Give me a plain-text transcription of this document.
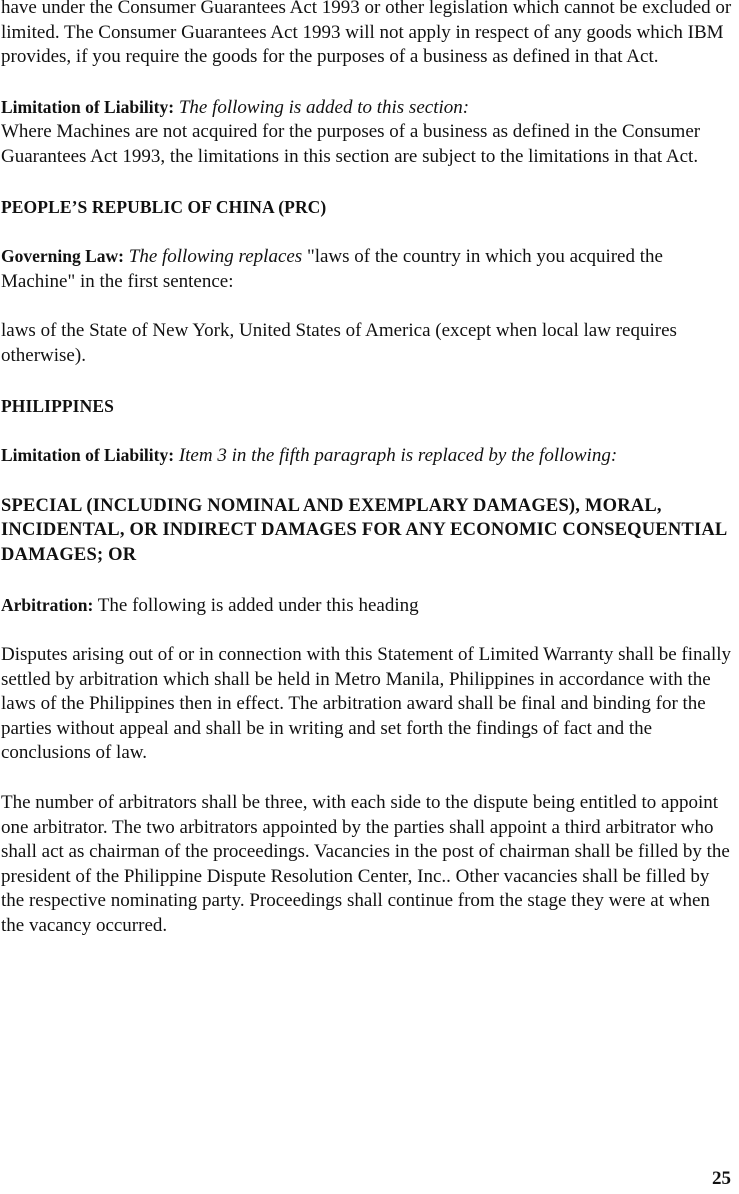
have under the Consumer Guarantees Act 1993 or other legislation which cannot be excluded or limited. The Consumer Guarantees Act 1993 will not apply in respect of any goods which IBM provides, if you require the goods for the purposes of a business as defined in that Act.

Limitation of Liability: The following is added to this section:
Where Machines are not acquired for the purposes of a business as defined in the Consumer Guarantees Act 1993, the limitations in this section are subject to the limitations in that Act.

PEOPLE’S REPUBLIC OF CHINA (PRC)

Governing Law: The following replaces "laws of the country in which you acquired the Machine" in the first sentence:

laws of the State of New York, United States of America (except when local law requires otherwise).

PHILIPPINES

Limitation of Liability: Item 3 in the fifth paragraph is replaced by the following:

SPECIAL (INCLUDING NOMINAL AND EXEMPLARY DAMAGES), MORAL, INCIDENTAL, OR INDIRECT DAMAGES FOR ANY ECONOMIC CONSEQUENTIAL DAMAGES; OR

Arbitration: The following is added under this heading

Disputes arising out of or in connection with this Statement of Limited Warranty shall be finally settled by arbitration which shall be held in Metro Manila, Philippines in accordance with the laws of the Philippines then in effect. The arbitration award shall be final and binding for the parties without appeal and shall be in writing and set forth the findings of fact and the conclusions of law.

The number of arbitrators shall be three, with each side to the dispute being entitled to appoint one arbitrator. The two arbitrators appointed by the parties shall appoint a third arbitrator who shall act as chairman of the proceedings. Vacancies in the post of chairman shall be filled by the president of the Philippine Dispute Resolution Center, Inc.. Other vacancies shall be filled by the respective nominating party. Proceedings shall continue from the stage they were at when the vacancy occurred.

25
